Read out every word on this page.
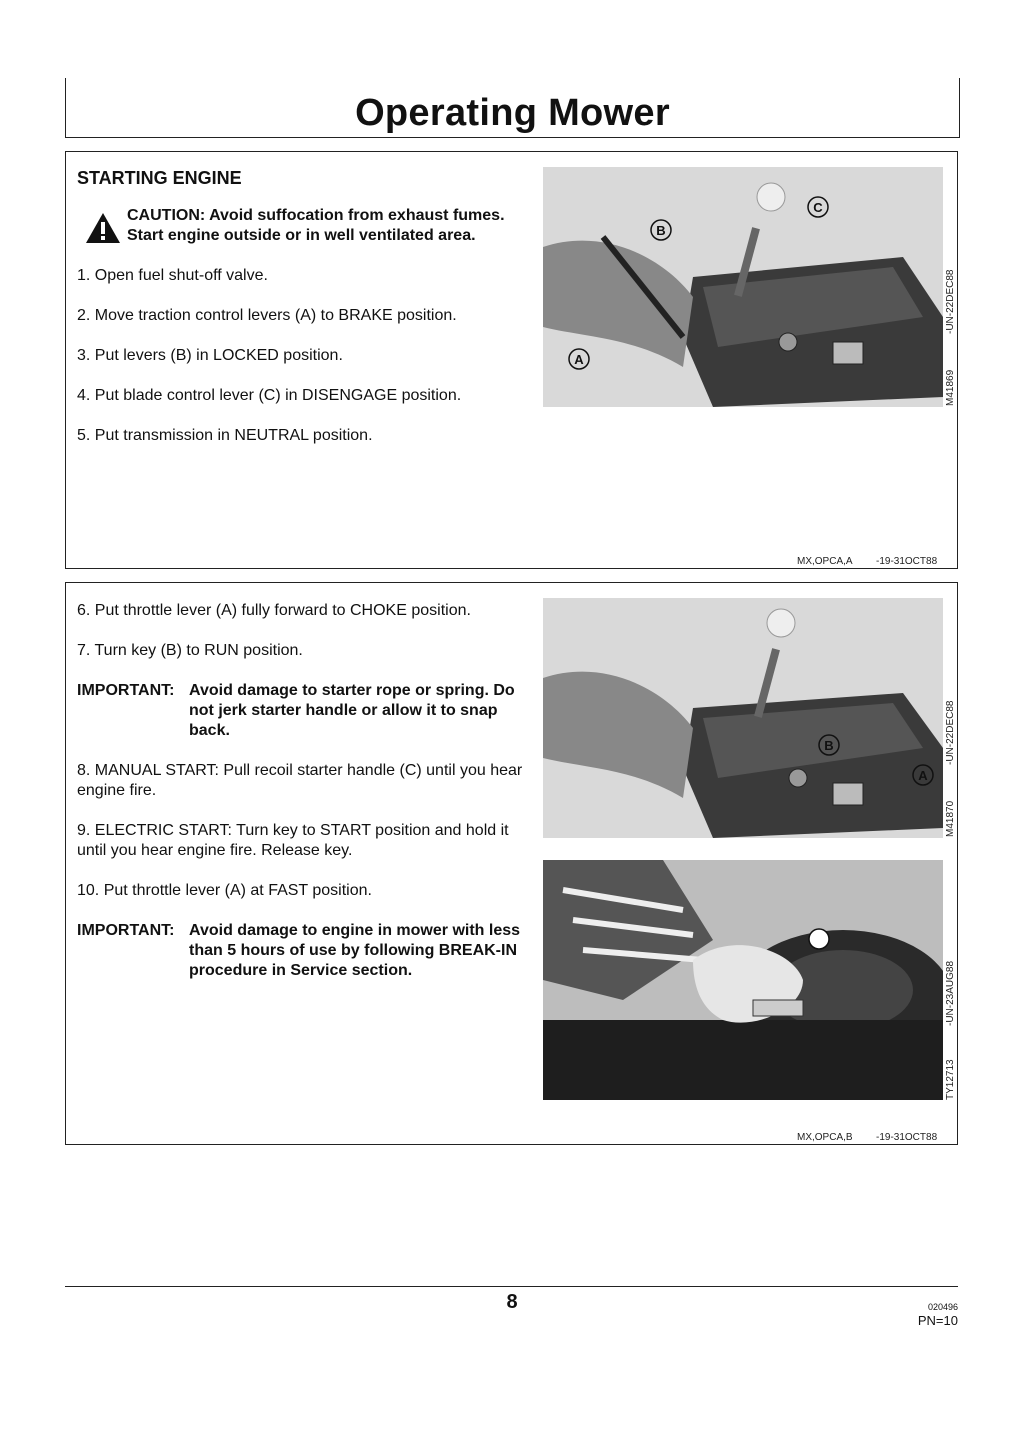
Operating Mower
STARTING ENGINE
CAUTION: Avoid suffocation from exhaust fumes. Start engine outside or in well ventilated area.
1. Open fuel shut-off valve.
2. Move traction control levers (A) to BRAKE position.
3. Put levers (B) in LOCKED position.
4. Put blade control lever (C) in DISENGAGE position.
5. Put transmission in NEUTRAL position.
B
C
A
M41869
-UN-22DEC88
MX,OPCA,A -19-31OCT88
6. Put throttle lever (A) fully forward to CHOKE position.
7. Turn key (B) to RUN position.
IMPORTANT: Avoid damage to starter rope or spring. Do not jerk starter handle or allow it to snap back.
8. MANUAL START: Pull recoil starter handle (C) until you hear engine fire.
9. ELECTRIC START: Turn key to START position and hold it until you hear engine fire. Release key.
10. Put throttle lever (A) at FAST position.
IMPORTANT: Avoid damage to engine in mower with less than 5 hours of use by following BREAK-IN procedure in Service section.
B
A
M41870
-UN-22DEC88
TY12713
-UN-23AUG88
MX,OPCA,B -19-31OCT88
8	020496
PN=10
